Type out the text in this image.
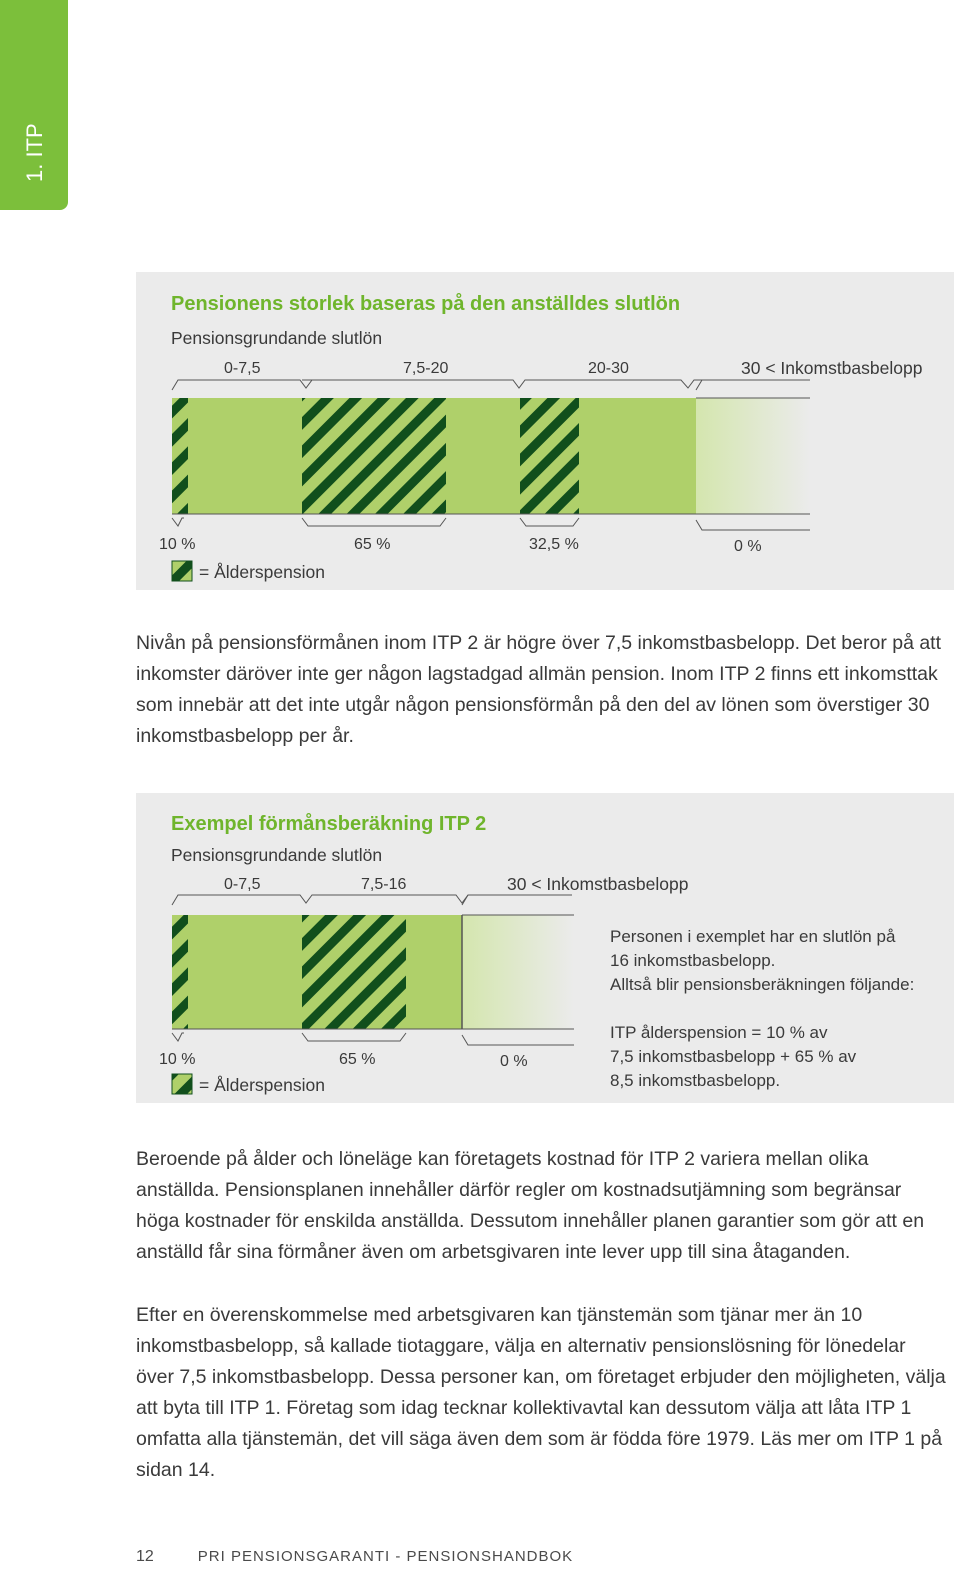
1. ITP
Pensionens storlek baseras på den anställdes slutlön
Pensionsgrundande slutlön
0-7,5	7,5-20	20-30	30 < Inkomstbasbelopp
10 %	65 %	32,5 %	0 %
= Ålderspension

Nivån på pensionsförmånen inom ITP 2 är högre över 7,5 inkomstbasbelopp. Det beror på att inkomster däröver inte ger någon lagstadgad allmän pension. Inom ITP 2 finns ett inkomsttak som innebär att det inte utgår någon pensionsförmån på den del av lönen som överstiger 30 inkomstbasbelopp per år.

Exempel förmånsberäkning ITP 2
Pensionsgrundande slutlön
0-7,5	7,5-16	30 < Inkomstbasbelopp
10 %	65 %	0 %
= Ålderspension
Personen i exemplet har en slutlön på
16 inkomstbasbelopp.
Alltså blir pensionsberäkningen följande:
ITP ålderspension = 10 % av
7,5 inkomstbasbelopp + 65 % av
8,5 inkomstbasbelopp.

Beroende på ålder och löneläge kan företagets kostnad för ITP 2 variera mellan olika anställda. Pensionsplanen innehåller därför regler om kostnadsutjämning som begränsar höga kostnader för enskilda anställda. Dessutom innehåller planen garantier som gör att en anställd får sina förmåner även om arbetsgivaren inte lever upp till sina åtaganden.

Efter en överenskommelse med arbetsgivaren kan tjänstemän som tjänar mer än 10 inkomstbasbelopp, så kallade tiotaggare, välja en alternativ pensionslösning för lönedelar över 7,5 inkomstbasbelopp. Dessa personer kan, om företaget erbjuder den möjligheten, välja att byta till ITP 1. Företag som idag tecknar kollektivavtal kan dessutom välja att låta ITP 1 omfatta alla tjänstemän, det vill säga även dem som är födda före 1979. Läs mer om ITP 1 på sidan 14.

12	PRI PENSIONSGARANTI - PENSIONSHANDBOK
